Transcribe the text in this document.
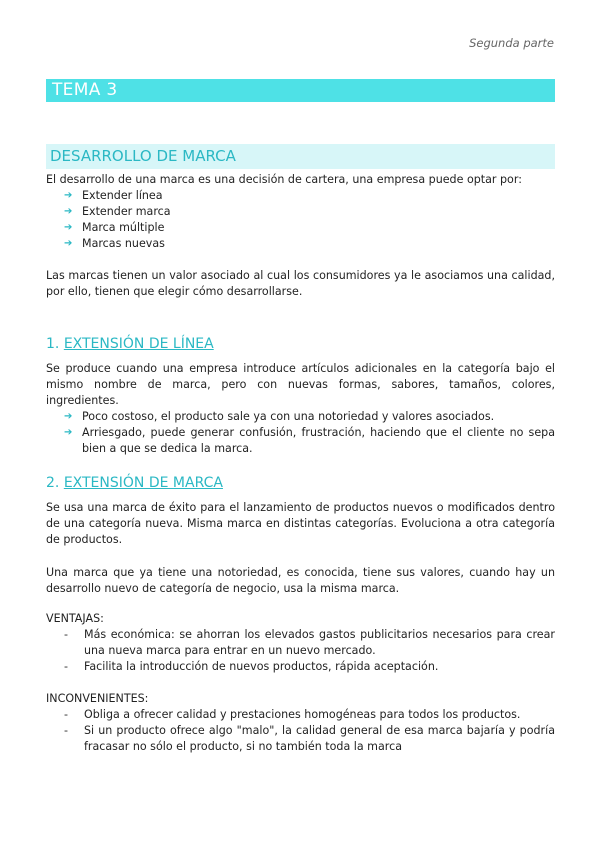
Segunda parte
TEMA 3
DESARROLLO DE MARCA

El desarrollo de una marca es una decisión de cartera, una empresa puede optar por:

➔ Extender línea
➔ Extender marca
➔ Marca múltiple
➔ Marcas nuevas
Las marcas tienen un valor asociado al cual los consumidores ya le asociamos una calidad, por ello, tienen que elegir cómo desarrollarse.
1. EXTENSIÓN DE LÍNEA

Se produce cuando una empresa introduce artículos adicionales en la categoría bajo el mismo nombre de marca, pero con nuevas formas, sabores, tamaños, colores, ingredientes.

➔ Poco costoso, el producto sale ya con una notoriedad y valores asociados.
➔ Arriesgado, puede generar confusión, frustración, haciendo que el cliente no sepa bien a que se dedica la marca.
2. EXTENSIÓN DE MARCA
Se usa una marca de éxito para el lanzamiento de productos nuevos o modificados dentro de una categoría nueva. Misma marca en distintas categorías. Evoluciona a otra categoría de productos.
Una marca que ya tiene una notoriedad, es conocida, tiene sus valores, cuando hay un desarrollo nuevo de categoría de negocio, usa la misma marca.

VENTAJAS:

- Más económica: se ahorran los elevados gastos publicitarios necesarios para crear una nueva marca para entrar en un nuevo mercado.
- Facilita la introducción de nuevos productos, rápida aceptación.

INCONVENIENTES:

- Obliga a ofrecer calidad y prestaciones homogéneas para todos los productos.
- Si un producto ofrece algo "malo", la calidad general de esa marca bajaría y podría fracasar no sólo el producto, si no también toda la marca
